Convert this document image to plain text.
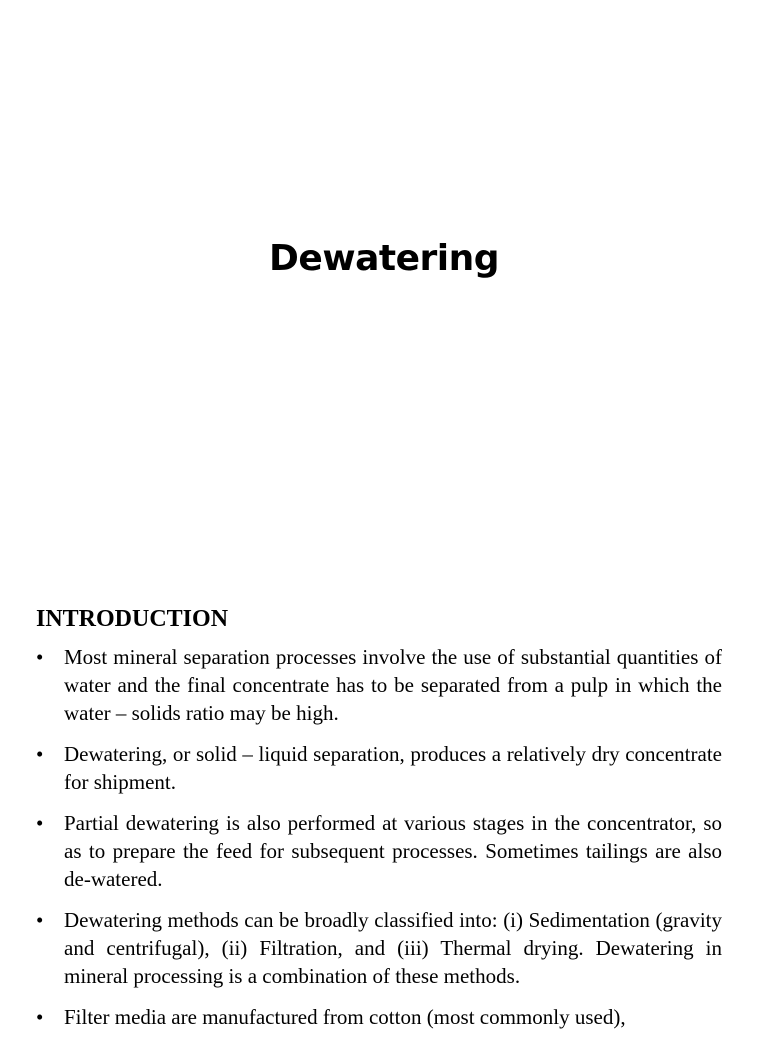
Dewatering
INTRODUCTION
• Most mineral separation processes involve the use of substantial quantities of water and the final concentrate has to be separated from a pulp in which the water – solids ratio may be high.
• Dewatering, or solid – liquid separation, produces a relatively dry concentrate for shipment.
• Partial dewatering is also performed at various stages in the concentrator, so as to prepare the feed for subsequent processes. Sometimes tailings are also de-watered.
• Dewatering methods can be broadly classified into: (i) Sedimentation (gravity and centrifugal), (ii) Filtration, and (iii) Thermal drying. Dewatering in mineral processing is a combination of these methods.
• Filter media are manufactured from cotton (most commonly used),
